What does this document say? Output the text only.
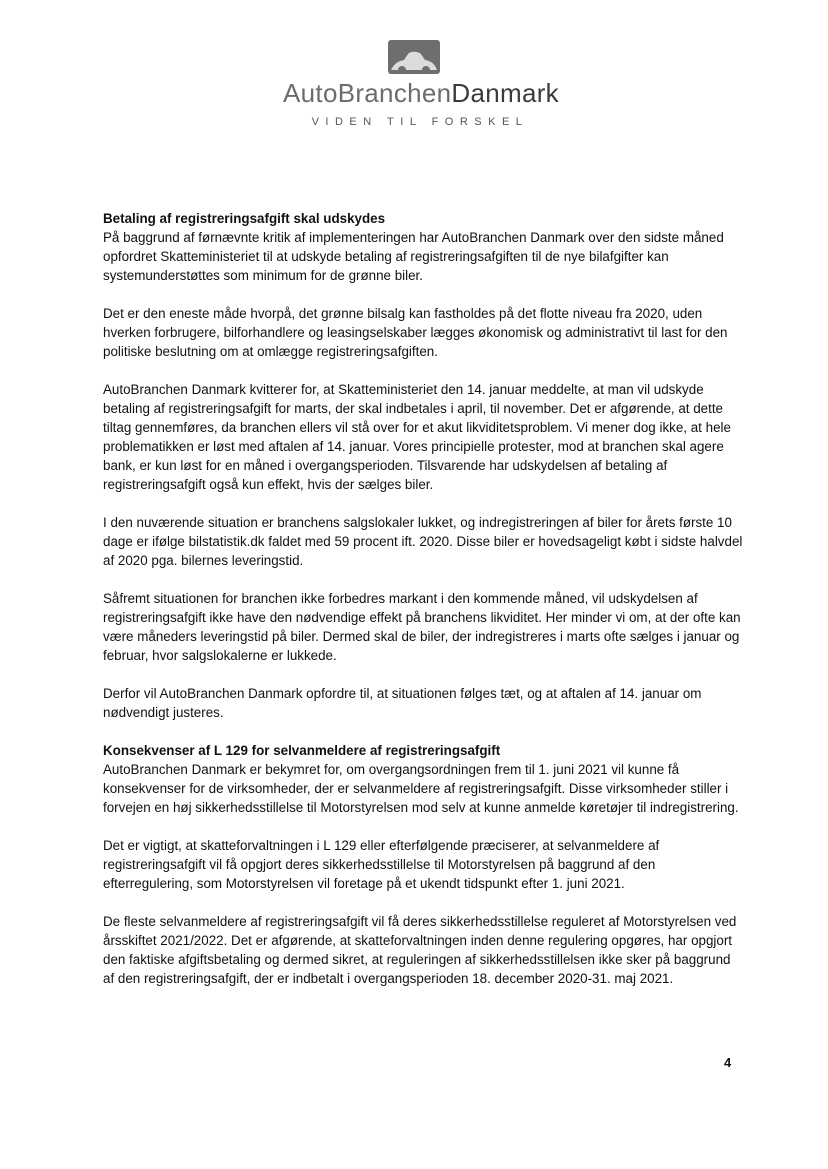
AutoBranchenDanmark
VIDEN TIL FORSKEL
Betaling af registreringsafgift skal udskydes

På baggrund af førnævnte kritik af implementeringen har AutoBranchen Danmark over den sidste måned opfordret Skatteministeriet til at udskyde betaling af registreringsafgiften til de nye bilafgifter kan systemunderstøttes som minimum for de grønne biler.

Det er den eneste måde hvorpå, det grønne bilsalg kan fastholdes på det flotte niveau fra 2020, uden hverken forbrugere, bilforhandlere og leasingselskaber lægges økonomisk og administrativt til last for den politiske beslutning om at omlægge registreringsafgiften.

AutoBranchen Danmark kvitterer for, at Skatteministeriet den 14. januar meddelte, at man vil udskyde betaling af registreringsafgift for marts, der skal indbetales i april, til november. Det er afgørende, at dette tiltag gennemføres, da branchen ellers vil stå over for et akut likviditetsproblem. Vi mener dog ikke, at hele problematikken er løst med aftalen af 14. januar. Vores principielle protester, mod at branchen skal agere bank, er kun løst for en måned i overgangsperioden. Tilsvarende har udskydelsen af betaling af registreringsafgift også kun effekt, hvis der sælges biler.

I den nuværende situation er branchens salgslokaler lukket, og indregistreringen af biler for årets første 10 dage er ifølge bilstatistik.dk faldet med 59 procent ift. 2020. Disse biler er hovedsageligt købt i sidste halvdel af 2020 pga. bilernes leveringstid.

Såfremt situationen for branchen ikke forbedres markant i den kommende måned, vil udskydelsen af registreringsafgift ikke have den nødvendige effekt på branchens likviditet. Her minder vi om, at der ofte kan være måneders leveringstid på biler. Dermed skal de biler, der indregistreres i marts ofte sælges i januar og februar, hvor salgslokalerne er lukkede.

Derfor vil AutoBranchen Danmark opfordre til, at situationen følges tæt, og at aftalen af 14. januar om nødvendigt justeres.

Konsekvenser af L 129 for selvanmeldere af registreringsafgift

AutoBranchen Danmark er bekymret for, om overgangsordningen frem til 1. juni 2021 vil kunne få konsekvenser for de virksomheder, der er selvanmeldere af registreringsafgift. Disse virksomheder stiller i forvejen en høj sikkerhedsstillelse til Motorstyrelsen mod selv at kunne anmelde køretøjer til indregistrering.

Det er vigtigt, at skatteforvaltningen i L 129 eller efterfølgende præciserer, at selvanmeldere af registreringsafgift vil få opgjort deres sikkerhedsstillelse til Motorstyrelsen på baggrund af den efterregulering, som Motorstyrelsen vil foretage på et ukendt tidspunkt efter 1. juni 2021.

De fleste selvanmeldere af registreringsafgift vil få deres sikkerhedsstillelse reguleret af Motorstyrelsen ved årsskiftet 2021/2022. Det er afgørende, at skatteforvaltningen inden denne regulering opgøres, har opgjort den faktiske afgiftsbetaling og dermed sikret, at reguleringen af sikkerhedsstillelsen ikke sker på baggrund af den registreringsafgift, der er indbetalt i overgangsperioden 18. december 2020-31. maj 2021.

4
